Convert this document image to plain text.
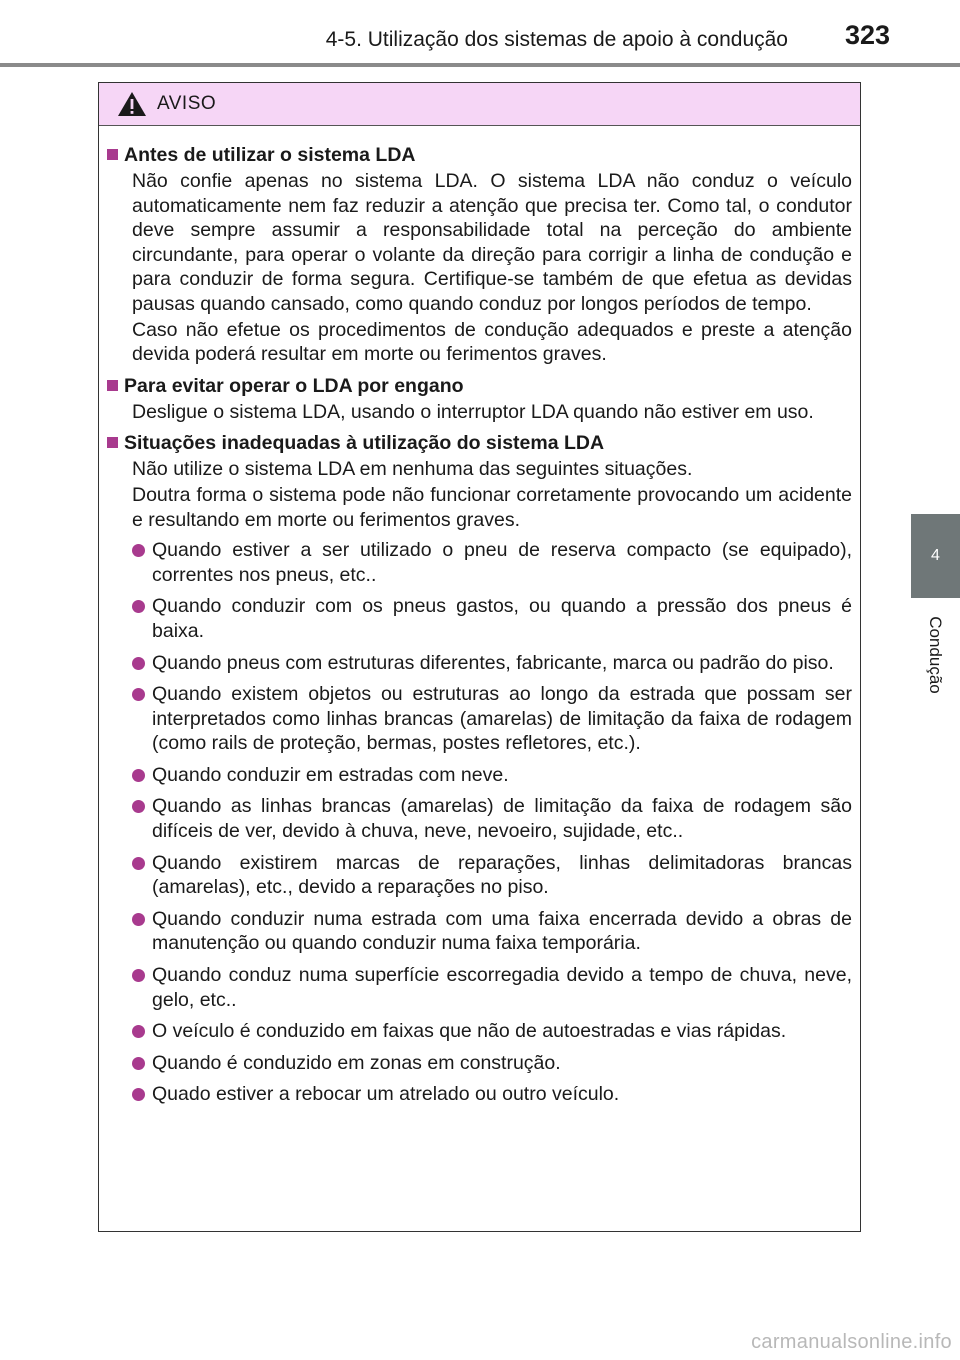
4-5. Utilização dos sistemas de apoio à condução 323
4
Condução
AVISO
Antes de utilizar o sistema LDA

Não confie apenas no sistema LDA. O sistema LDA não conduz o veículo automaticamente nem faz reduzir a atenção que precisa ter. Como tal, o condutor deve sempre assumir a responsabilidade total na perceção do ambiente circundante, para operar o volante da direção para corrigir a linha de condução e para conduzir de forma segura. Certifique-se também de que efetua as devidas pausas quando cansado, como quando conduz por longos períodos de tempo.

Caso não efetue os procedimentos de condução adequados e preste a atenção devida poderá resultar em morte ou ferimentos graves.

Para evitar operar o LDA por engano

Desligue o sistema LDA, usando o interruptor LDA quando não estiver em uso.

Situações inadequadas à utilização do sistema LDA

Não utilize o sistema LDA em nenhuma das seguintes situações.

Doutra forma o sistema pode não funcionar corretamente provocando um acidente e resultando em morte ou ferimentos graves.

Quando estiver a ser utilizado o pneu de reserva compacto (se equipado), correntes nos pneus, etc..
Quando conduzir com os pneus gastos, ou quando a pressão dos pneus é baixa.
Quando pneus com estruturas diferentes, fabricante, marca ou padrão do piso.
Quando existem objetos ou estruturas ao longo da estrada que possam ser interpretados como linhas brancas (amarelas) de limitação da faixa de rodagem (como rails de proteção, bermas, postes refletores, etc.).
Quando conduzir em estradas com neve.
Quando as linhas brancas (amarelas) de limitação da faixa de rodagem são difíceis de ver, devido à chuva, neve, nevoeiro, sujidade, etc..
Quando existirem marcas de reparações, linhas delimitadoras brancas (amarelas), etc., devido a reparações no piso.
Quando conduzir numa estrada com uma faixa encerrada devido a obras de manutenção ou quando conduzir numa faixa temporária.
Quando conduz numa superfície escorregadia devido a tempo de chuva, neve, gelo, etc..
O veículo é conduzido em faixas que não de autoestradas e vias rápidas.
Quando é conduzido em zonas em construção.
Quado estiver a rebocar um atrelado ou outro veículo.
carmanualsonline.info
